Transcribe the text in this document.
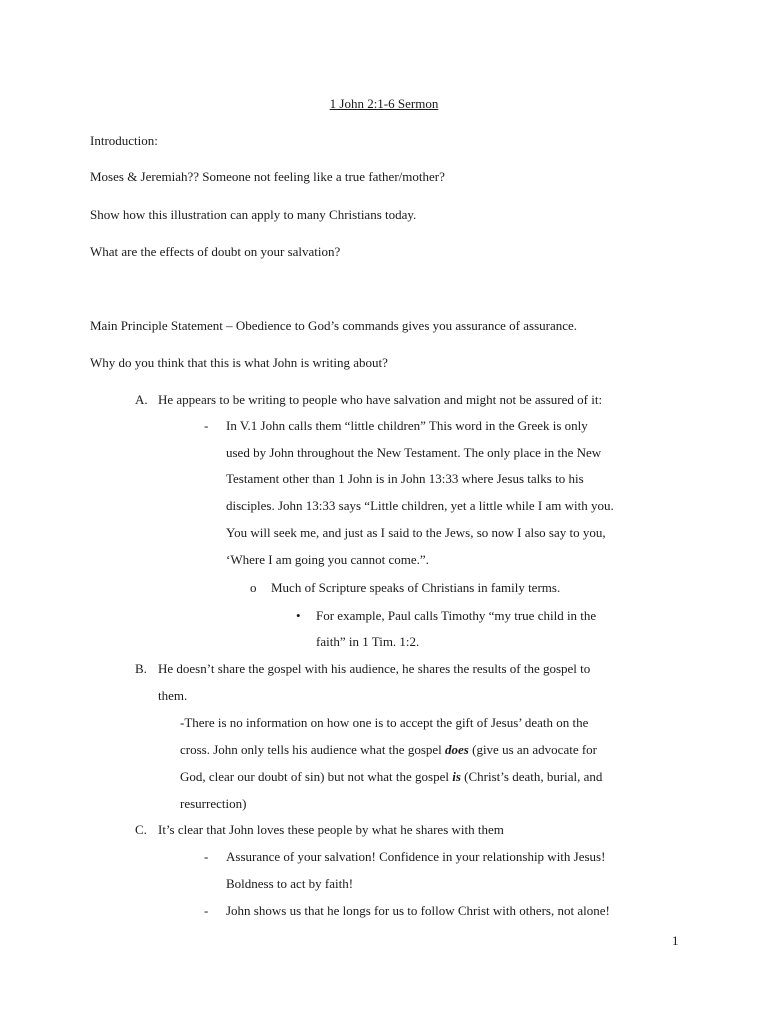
1 John 2:1-6 Sermon
Introduction:
Moses & Jeremiah?? Someone not feeling like a true father/mother?
Show how this illustration can apply to many Christians today.
What are the effects of doubt on your salvation?
Main Principle Statement – Obedience to God’s commands gives you assurance of assurance.
Why do you think that this is what John is writing about?
A. He appears to be writing to people who have salvation and might not be assured of it:
- In V.1 John calls them “little children” This word in the Greek is only
used by John throughout the New Testament. The only place in the New
Testament other than 1 John is in John 13:33 where Jesus talks to his
disciples. John 13:33 says “Little children, yet a little while I am with you.
You will seek me, and just as I said to the Jews, so now I also say to you,
‘Where I am going you cannot come.”.
o Much of Scripture speaks of Christians in family terms.
• For example, Paul calls Timothy “my true child in the
faith” in 1 Tim. 1:2.
B. He doesn’t share the gospel with his audience, he shares the results of the gospel to
them.
-There is no information on how one is to accept the gift of Jesus’ death on the
cross. John only tells his audience what the gospel does (give us an advocate for
God, clear our doubt of sin) but not what the gospel is (Christ’s death, burial, and
resurrection)
C. It’s clear that John loves these people by what he shares with them
- Assurance of your salvation! Confidence in your relationship with Jesus!
Boldness to act by faith!
- John shows us that he longs for us to follow Christ with others, not alone!
1
